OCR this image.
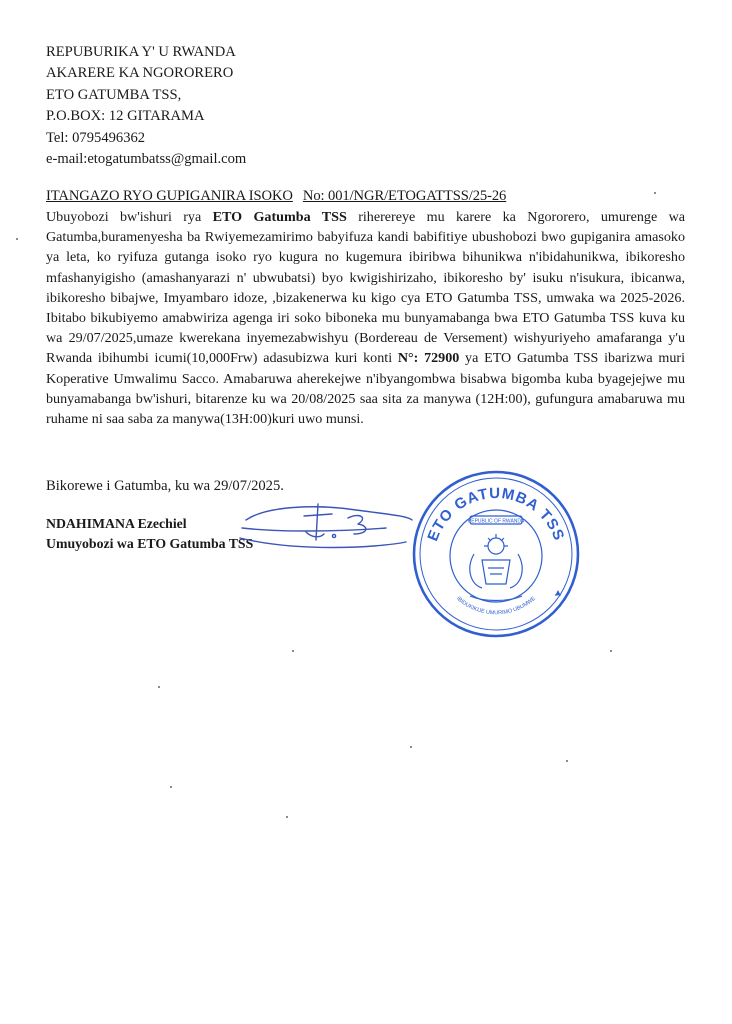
REPUBURIKA Y' U RWANDA
AKARERE KA NGORORERO
ETO GATUMBA TSS,
P.O.BOX: 12 GITARAMA
Tel: 0795496362
e-mail:etogatumbatss@gmail.com
ITANGAZO RYO GUPIGANIRA ISOKO No: 001/NGR/ETOGATTSS/25-26

Ubuyobozi bw'ishuri rya ETO Gatumba TSS riherereye mu karere ka Ngororero, umurenge wa Gatumba,buramenyesha ba Rwiyemezamirimo babyifuza kandi babifitiye ubushobozi bwo gupiganira amasoko ya leta, ko ryifuza gutanga isoko ryo kugura no kugemura ibiribwa bihunikwa n'ibidahunikwa, ibikoresho mfashanyigisho (amashanyarazi n' ubwubatsi) byo kwigishirizaho, ibikoresho by' isuku n'isukura, ibicanwa, ibikoresho bibajwe, Imyambaro idoze, ,bizakenerwa ku kigo cya ETO Gatumba TSS, umwaka wa 2025-2026. Ibitabo bikubiyemo amabwiriza agenga iri soko biboneka mu bunyamabanga bwa ETO Gatumba TSS kuva ku wa 29/07/2025,umaze kwerekana inyemezabwishyu (Bordereau de Versement) wishyuriyeho amafaranga y'u Rwanda ibihumbi icumi(10,000Frw) adasubizwa kuri konti N°: 72900 ya ETO Gatumba TSS ibarizwa muri Koperative Umwalimu Sacco. Amabaruwa aherekejwe n'ibyangombwa bisabwa bigomba kuba byagejejwe mu bunyamabanga bw'ishuri, bitarenze ku wa 20/08/2025 saa sita za manywa (12H:00), gufungura amabaruwa mu ruhame ni saa saba za manywa(13H:00)kuri uwo munsi.

Bikorewe i Gatumba, ku wa 29/07/2025.
NDAHIMANA Ezechiel
Umuyobozi wa ETO Gatumba TSS	ETO GATUMBA TSS
IBIDUKIKIJE UMURIMO UBUMWE
REPUBLIC OF RWANDA
